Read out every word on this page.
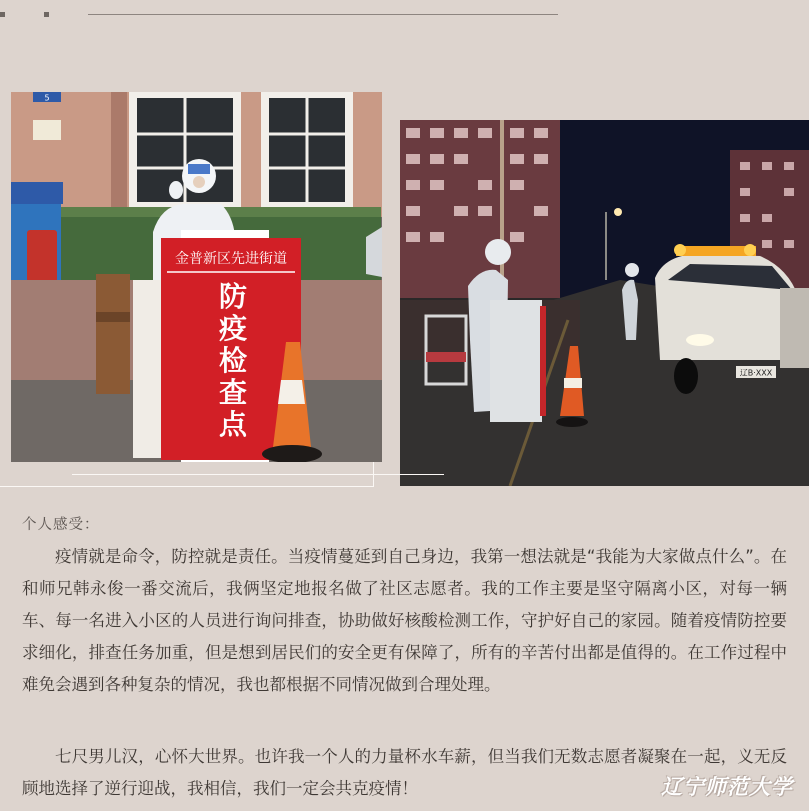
5
金普新区先进街道
防
疫
检
查
点
辽B·XXX
个人感受：

疫情就是命令，防控就是责任。当疫情蔓延到自己身边，我第一想法就是“我能为大家做点什么”。在和师兄韩永俊一番交流后，我俩坚定地报名做了社区志愿者。我的工作主要是坚守隔离小区，对每一辆车、每一名进入小区的人员进行询问排查，协助做好核酸检测工作，守护好自己的家园。随着疫情防控要求细化，排查任务加重，但是想到居民们的安全更有保障了，所有的辛苦付出都是值得的。在工作过程中难免会遇到各种复杂的情况，我也都根据不同情况做到合理处理。

七尺男儿汉，心怀大世界。也许我一个人的力量杯水车薪，但当我们无数志愿者凝聚在一起，义无反顾地选择了逆行迎战，我相信，我们一定会共克疫情！	辽宁师范大学
